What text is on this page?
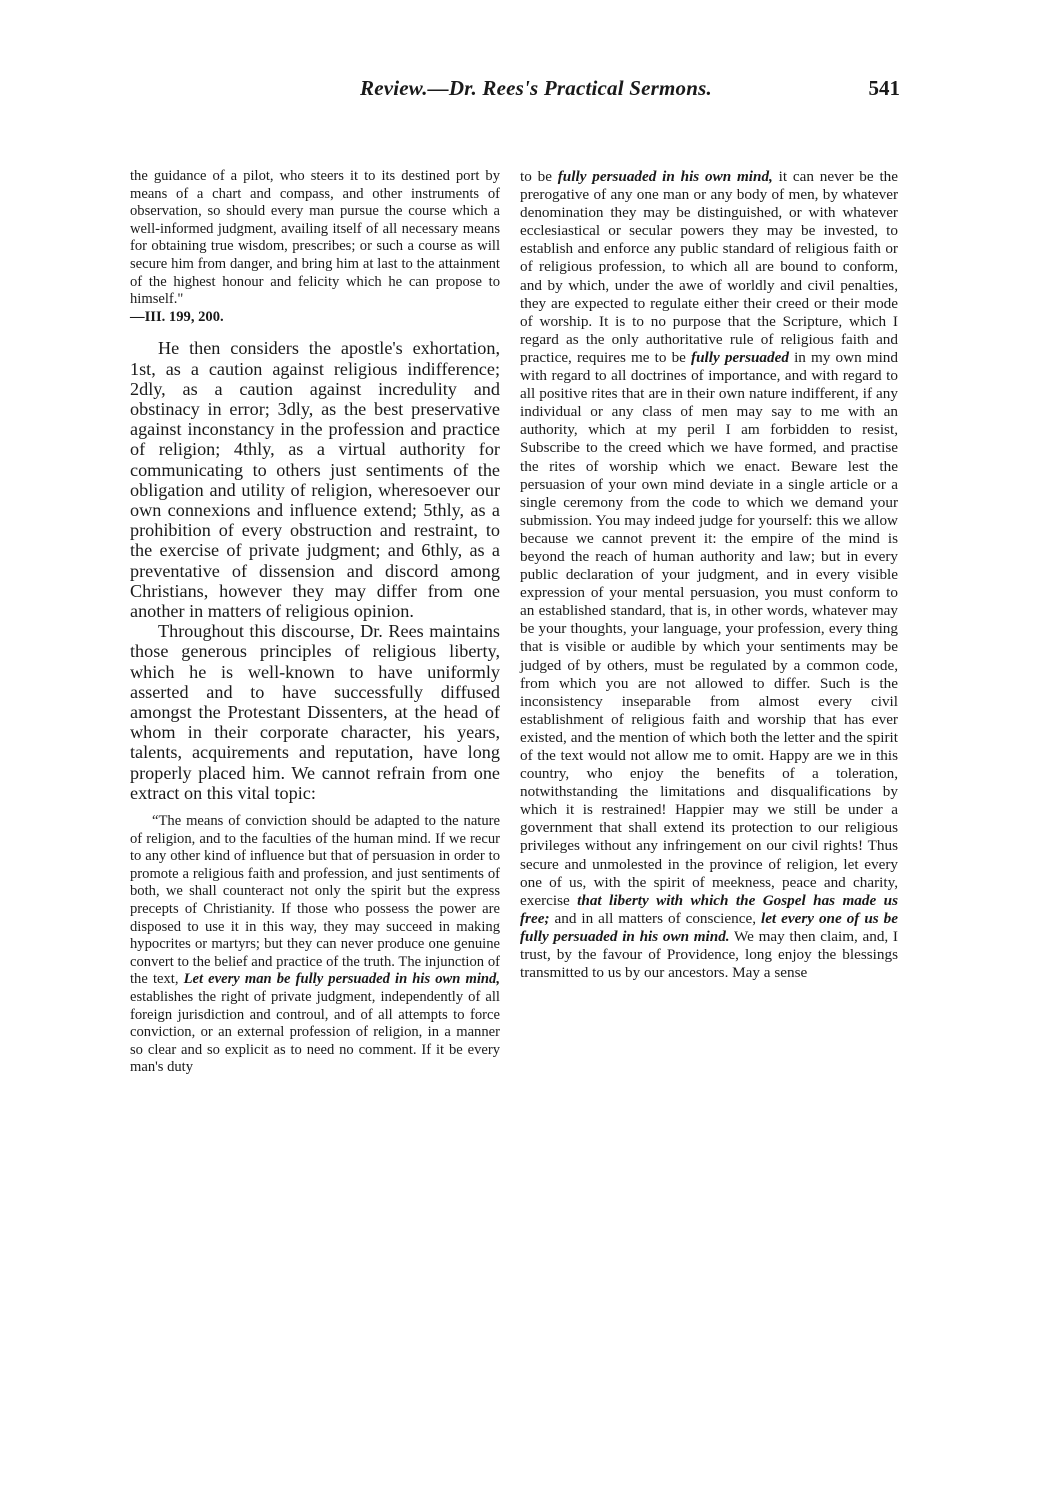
Review.—Dr. Rees's Practical Sermons.	541

the guidance of a pilot, who steers it to its destined port by means of a chart and compass, and other instruments of observation, so should every man pursue the course which a well-informed judgment, availing itself of all necessary means for obtaining true wisdom, prescribes; or such a course as will secure him from danger, and bring him at last to the attainment of the highest honour and felicity which he can propose to himself."
—III. 199, 200.

He then considers the apostle's exhortation, 1st, as a caution against religious indifference; 2dly, as a caution against incredulity and obstinacy in error; 3dly, as the best preservative against inconstancy in the profession and practice of religion; 4thly, as a virtual authority for communicating to others just sentiments of the obligation and utility of religion, wheresoever our own connexions and influence extend; 5thly, as a prohibition of every obstruction and restraint, to the exercise of private judgment; and 6thly, as a preventative of dissension and discord among Christians, however they may differ from one another in matters of religious opinion.

Throughout this discourse, Dr. Rees maintains those generous principles of religious liberty, which he is well-known to have uniformly asserted and to have successfully diffused amongst the Protestant Dissenters, at the head of whom in their corporate character, his years, talents, acquirements and reputation, have long properly placed him. We cannot refrain from one extract on this vital topic:

“The means of conviction should be adapted to the nature of religion, and to the faculties of the human mind. If we recur to any other kind of influence but that of persuasion in order to promote a religious faith and profession, and just sentiments of both, we shall counteract not only the spirit but the express precepts of Christianity. If those who possess the power are disposed to use it in this way, they may succeed in making hypocrites or martyrs; but they can never produce one genuine convert to the belief and practice of the truth. The injunction of the text, Let every man be fully persuaded in his own mind, establishes the right of private judgment, independently of all foreign jurisdiction and controul, and of all attempts to force conviction, or an external profession of religion, in a manner so clear and so explicit as to need no comment. If it be every man's duty

to be fully persuaded in his own mind, it can never be the prerogative of any one man or any body of men, by whatever denomination they may be distinguished, or with whatever ecclesiastical or secular powers they may be invested, to establish and enforce any public standard of religious faith or of religious profession, to which all are bound to conform, and by which, under the awe of worldly and civil penalties, they are expected to regulate either their creed or their mode of worship. It is to no purpose that the Scripture, which I regard as the only authoritative rule of religious faith and practice, requires me to be fully persuaded in my own mind with regard to all doctrines of importance, and with regard to all positive rites that are in their own nature indifferent, if any individual or any class of men may say to me with an authority, which at my peril I am forbidden to resist, Subscribe to the creed which we have formed, and practise the rites of worship which we enact. Beware lest the persuasion of your own mind deviate in a single article or a single ceremony from the code to which we demand your submission. You may indeed judge for yourself: this we allow because we cannot prevent it: the empire of the mind is beyond the reach of human authority and law; but in every public declaration of your judgment, and in every visible expression of your mental persuasion, you must conform to an established standard, that is, in other words, whatever may be your thoughts, your language, your profession, every thing that is visible or audible by which your sentiments may be judged of by others, must be regulated by a common code, from which you are not allowed to differ. Such is the inconsistency inseparable from almost every civil establishment of religious faith and worship that has ever existed, and the mention of which both the letter and the spirit of the text would not allow me to omit. Happy are we in this country, who enjoy the benefits of a toleration, notwithstanding the limitations and disqualifications by which it is restrained! Happier may we still be under a government that shall extend its protection to our religious privileges without any infringement on our civil rights! Thus secure and unmolested in the province of religion, let every one of us, with the spirit of meekness, peace and charity, exercise that liberty with which the Gospel has made us free; and in all matters of conscience, let every one of us be fully persuaded in his own mind. We may then claim, and, I trust, by the favour of Providence, long enjoy the blessings transmitted to us by our ancestors. May a sense
